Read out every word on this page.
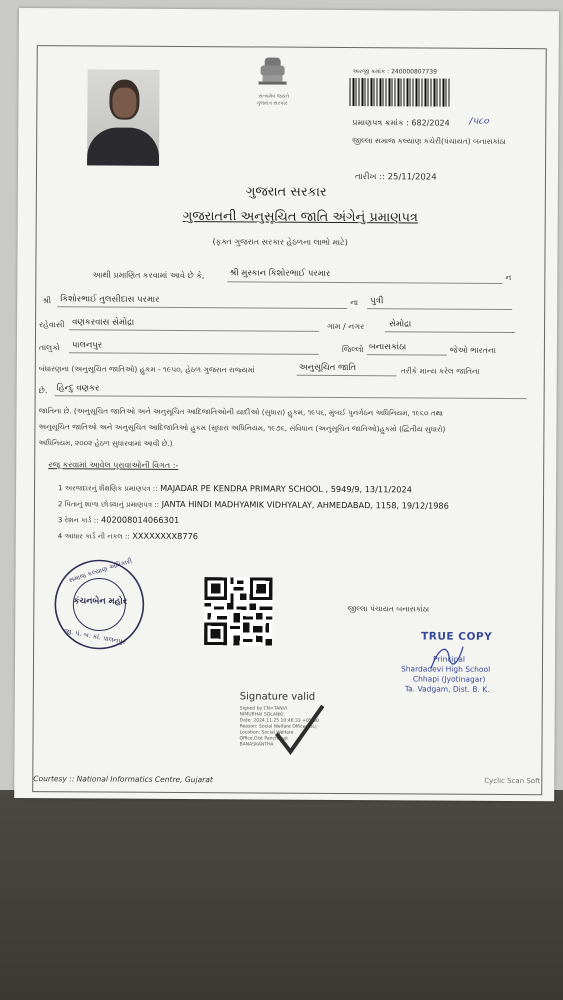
સત્યમેવ જયતે
ગુજરાત સરકાર
અરજી ક્રમાંક : 240000807739
પ્રમાણપત્ર ક્રમાંક : 682/2024 /૫૮૦
જીલ્લા સમાજ કલ્યાણ કચેરી(પંચાયત) બનાસકાંઠા
તારીખ :: 25/11/2024
ગુજરાત સરકાર
ગુજરાતની અનુસૂચિત જાતિ અંગેનું પ્રમાણપત્ર
(ફક્ત ગુજરાત સરકાર હેઠળના લાભો માટે)
આથી પ્રમાણિત કરવામાં આવે છે કે,	શ્રી મુસ્કાન કિશોરભાઈ પરમાર	ન
શ્રી કિશોરભાઈ તુલસીદાસ પરમાર	ના પુત્રી
રહેવાસી વણકરવાસ સેમોદ્રા	ગામ / નગર	સેમોદ્રા
તાલુકો પાલનપુર	જિલ્લો બનાસકાંઠા	જેઓ ભારતના
બંધારણના (અનુસૂચિત જાતિઓ) હુકમ - ૧૯૫૦, હેઠળ ગુજરાત રાજ્યમાં	અનુસૂચિત જાતિ	તરીકે માન્ય કરેલ જાતિના
છે. હિન્દુ વણકર
જાતિના છે. (અનુસૂચિત જાતિઓ અને અનુસૂચિત આદિજાતિઓની યાદીઓ (સુધારા) હુકમ, ૧૯૫૬, મુંબઈ પુનર્ગઠન અધિનિયમ, ૧૯૬૦ તથા
અનુસૂચિત જાતિઓ અને અનુસૂચિત આદિજાતિઓ હુકમ (સુધારા અધિનિયમ, ૧૯૭૬, સંવિધાન (અનુસૂચિત જાતિઓ)હુકમો (દ્વિતીય સુધારો)
અધિનિયમ, ૨૦૦૨ હેઠળ સુધારવામાં આવી છે.)
રજૂ કરવામાં આવેલ પુરાવાઓની વિગત :-
1 અરજદારનું શૈક્ષણિક પ્રમાણપત્ર :: MAJADAR PE KENDRA PRIMARY SCHOOL , 5949/9, 13/11/2024
2 પિતાનું શાળા છોડ્યાનું પ્રમાણપત્ર :: JANTA HINDI MADHYAMIK VIDHYALAY, AHMEDABAD, 1158, 19/12/1986
3 રેશન કાર્ડ :: 402008014066301
4 આધાર કાર્ડ ની નકલ :: XXXXXXXX8776
સમાજ કલ્યાણ અધિકારી
કંચનબેન મહોર
જી. પં. બ. કાં. પાલનપુર
જીલ્લા પંચાયત બનાસકાંઠા
TRUE COPY
Principal
Shardadevi High School
Chhapi (Jyotinagar)
Ta. Vadgam, Dist. B. K.
Signature valid
Signed by CN=TANVI
NIMUBHAI SOLANKI
Date: 2024.11.25 10:46:33 +05:30
Reason: Social Welfare Officer(DL)
Location: Social Welfare
Office,Dist Panchayat
BANASKANTHA
Courtesy :: National Informatics Centre, Gujarat	Cyclic Scan Soft
